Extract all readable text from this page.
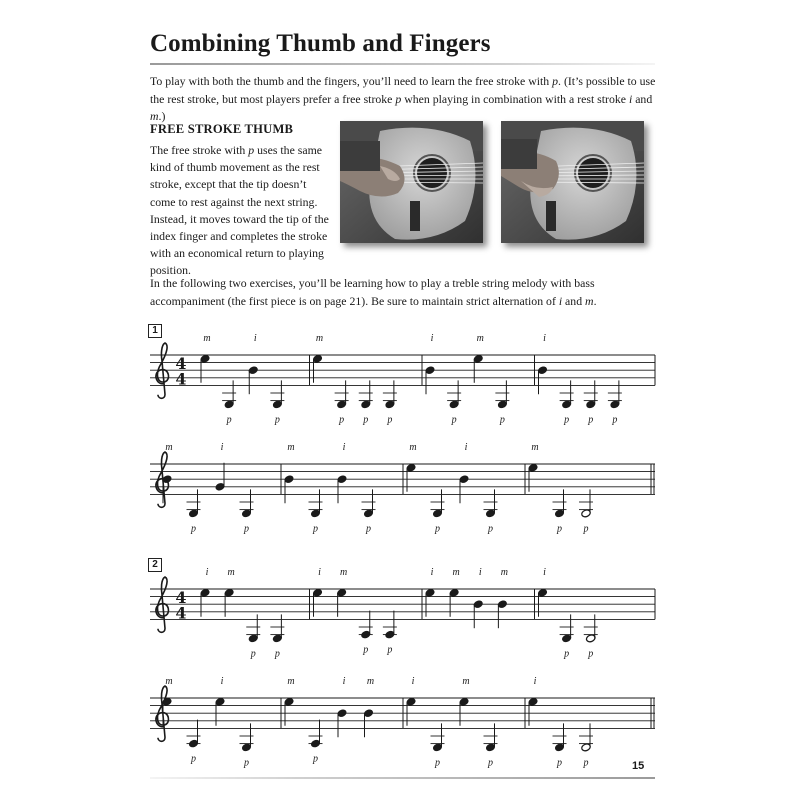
Combining Thumb and Fingers

To play with both the thumb and the fingers, you’ll need to learn the free stroke with p. (It’s possible to use the rest stroke, but most players prefer a free stroke p when playing in combination with a rest stroke i and m.)

FREE STROKE THUMB

The free stroke with p uses the same kind of thumb movement as the rest stroke, except that the tip doesn’t come to rest against the next string. Instead, it moves toward the tip of the index finger and completes the stroke with an economical return to playing position.

In the following two exercises, you’ll be learning how to play a treble string melody with bass accompaniment (the first piece is on page 21). Be sure to maintain strict alternation of i and m.

1
2
4
4
m
p
i
p
m
p p p
i
p
m
p
i
p p p
m
p
i
p
m
p
i
p
m
p
i
p
m
p p
4
4
i m
p p
i m
p p
i m i m	i
p p
m
p
i
p
m
p
i m	i
p
m
p
i
p p	15
